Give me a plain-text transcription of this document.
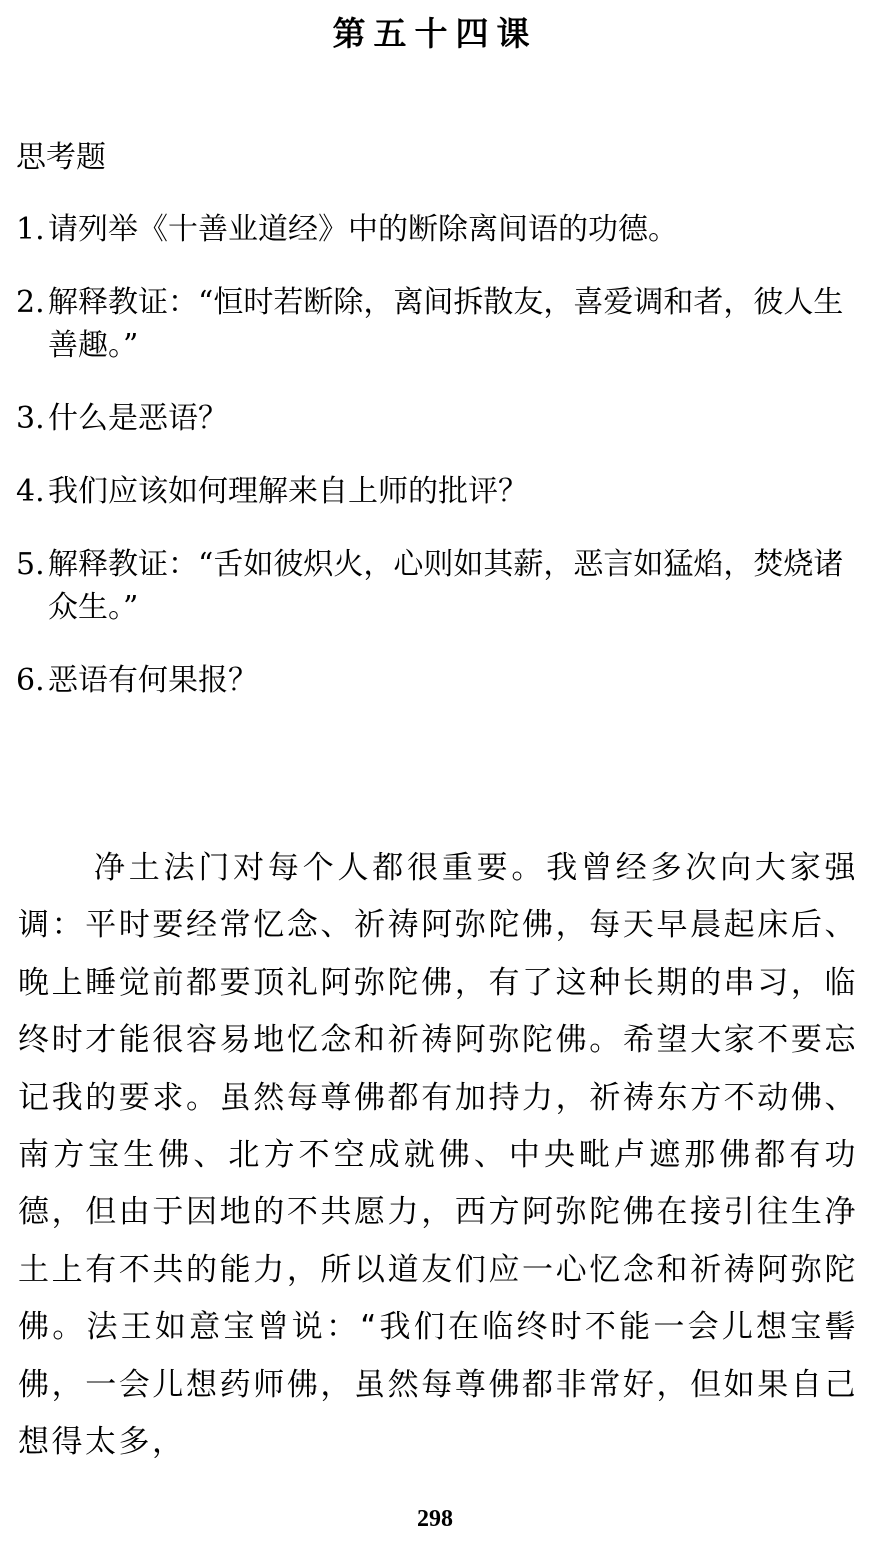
第五十四课
思考题
1. 请列举《十善业道经》中的断除离间语的功德。
2. 解释教证：“恒时若断除，离间拆散友，喜爱调和者，彼人生善趣。”
3. 什么是恶语？
4. 我们应该如何理解来自上师的批评？
5. 解释教证：“舌如彼炽火，心则如其薪，恶言如猛焰，焚烧诸众生。”
6. 恶语有何果报？

净土法门对每个人都很重要。我曾经多次向大家强调：平时要经常忆念、祈祷阿弥陀佛，每天早晨起床后、晚上睡觉前都要顶礼阿弥陀佛，有了这种长期的串习，临终时才能很容易地忆念和祈祷阿弥陀佛。希望大家不要忘记我的要求。虽然每尊佛都有加持力，祈祷东方不动佛、南方宝生佛、北方不空成就佛、中央毗卢遮那佛都有功德，但由于因地的不共愿力，西方阿弥陀佛在接引往生净土上有不共的能力，所以道友们应一心忆念和祈祷阿弥陀佛。法王如意宝曾说：“我们在临终时不能一会儿想宝髻佛，一会儿想药师佛，虽然每尊佛都非常好，但如果自己想得太多，

298
